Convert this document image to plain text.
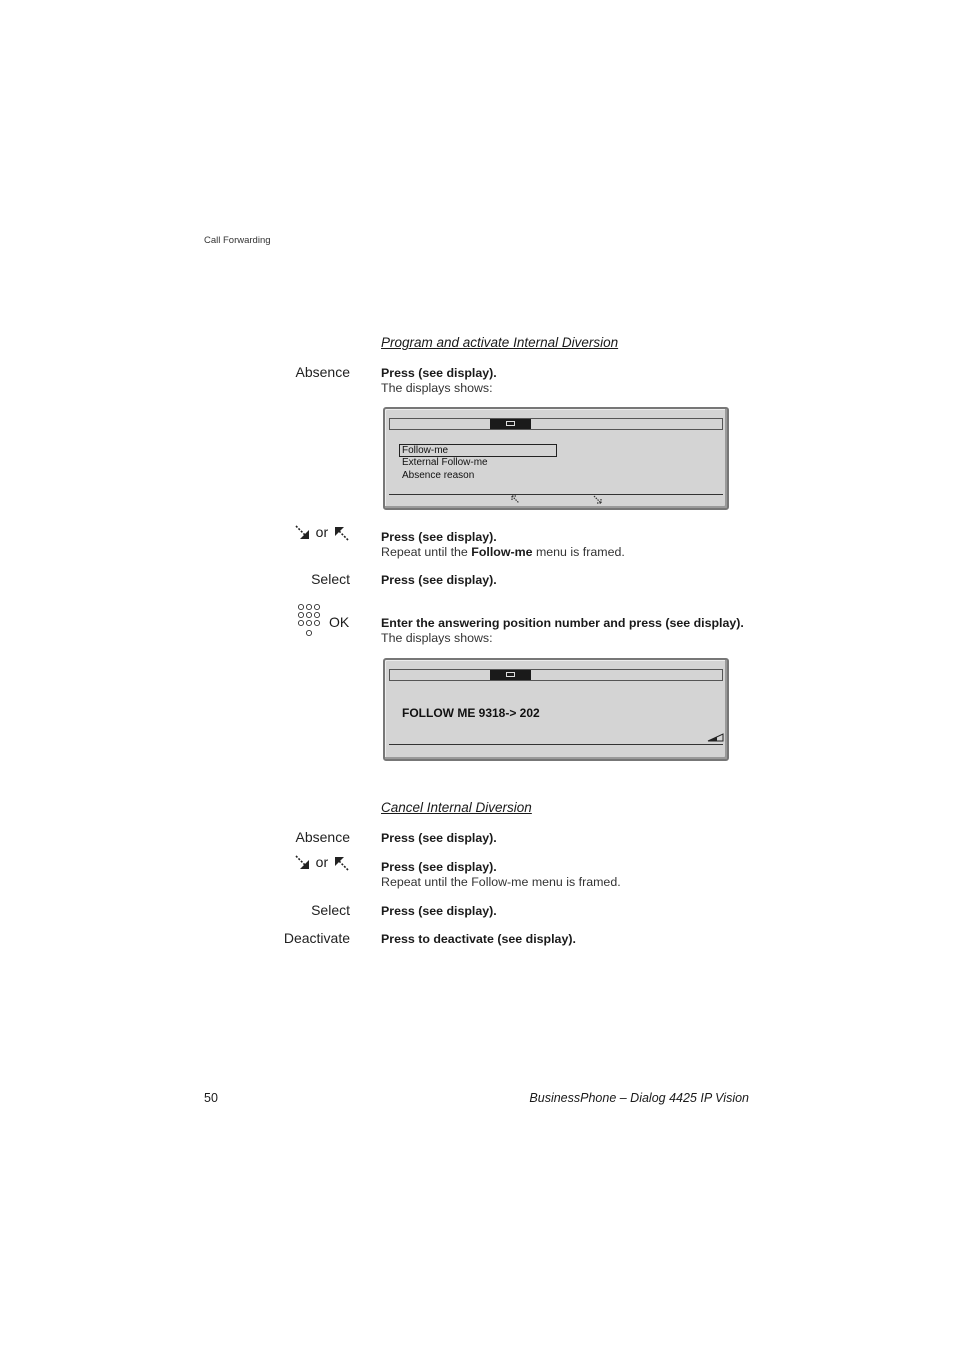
Call Forwarding
Program and activate Internal Diversion
Absence	Press (see display).
The displays shows:
Follow-me
External Follow-me
Absence reason
or	Press (see display).
Repeat until the Follow-me menu is framed.
Select	Press (see display).
OK	Enter the answering position number and press (see display).
The displays shows:
FOLLOW ME 9318-> 202
Cancel Internal Diversion
Absence	Press (see display).
or	Press (see display).
Repeat until the Follow-me menu is framed.
Select	Press (see display).
Deactivate	Press to deactivate (see display).
50	BusinessPhone – Dialog 4425 IP Vision
